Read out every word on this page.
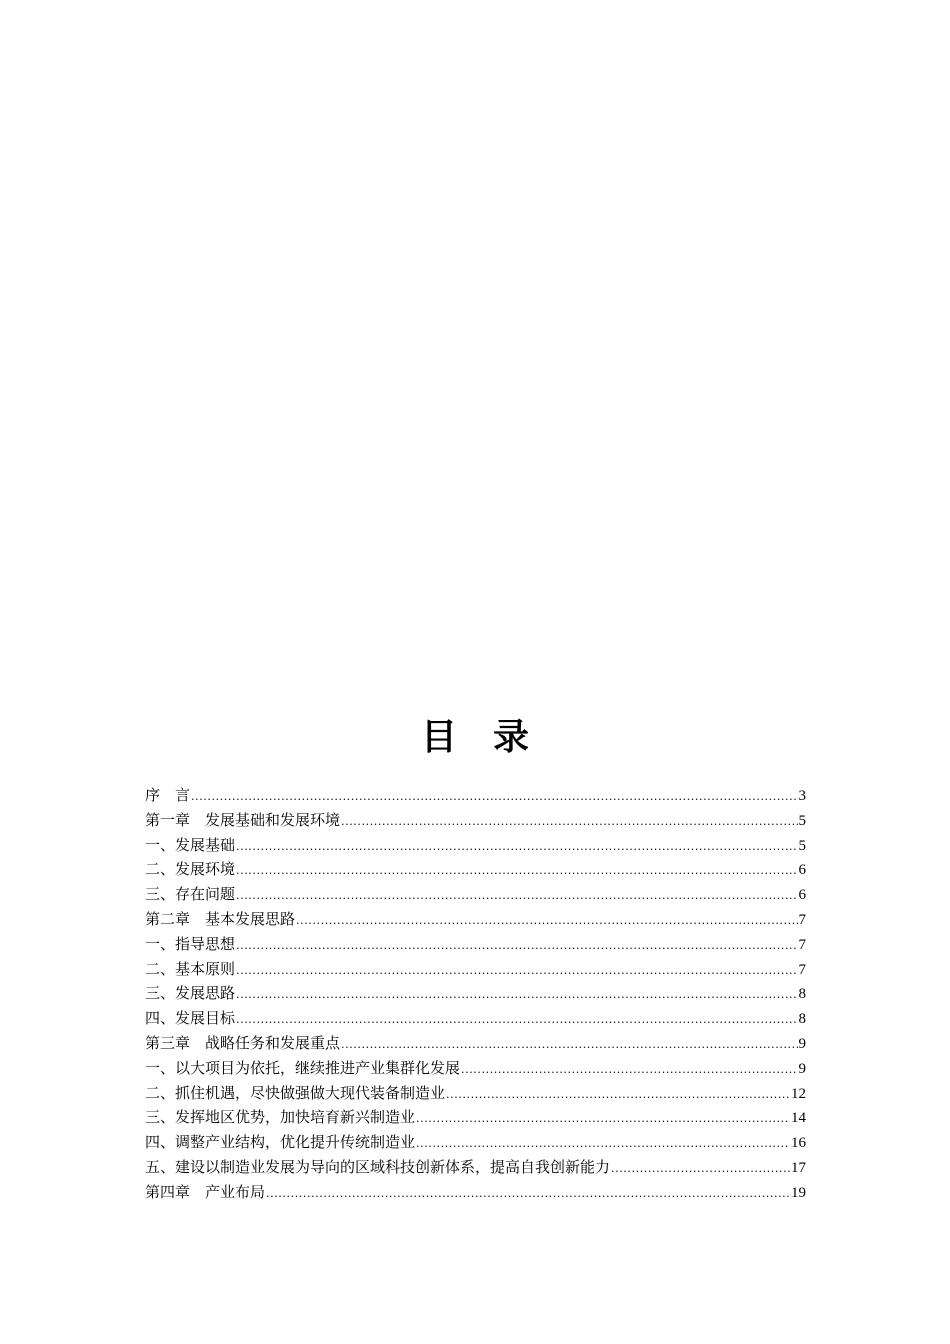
目　录
序　言 .....	3
第一章　发展基础和发展环境 .....	5
一、发展基础 .....	5
二、发展环境 .....	6
三、存在问题 .....	6
第二章　基本发展思路 .....	7
一、指导思想 .....	7
二、基本原则 .....	7
三、发展思路 .....	8
四、发展目标 .....	8
第三章　战略任务和发展重点 .....	9
一、以大项目为依托，继续推进产业集群化发展 .....	9
二、抓住机遇，尽快做强做大现代装备制造业 .....	12
三、发挥地区优势，加快培育新兴制造业 .....	14
四、调整产业结构，优化提升传统制造业 .....	16
五、建设以制造业发展为导向的区域科技创新体系，提高自我创新能力 .....	17
第四章　产业布局 .....	19
